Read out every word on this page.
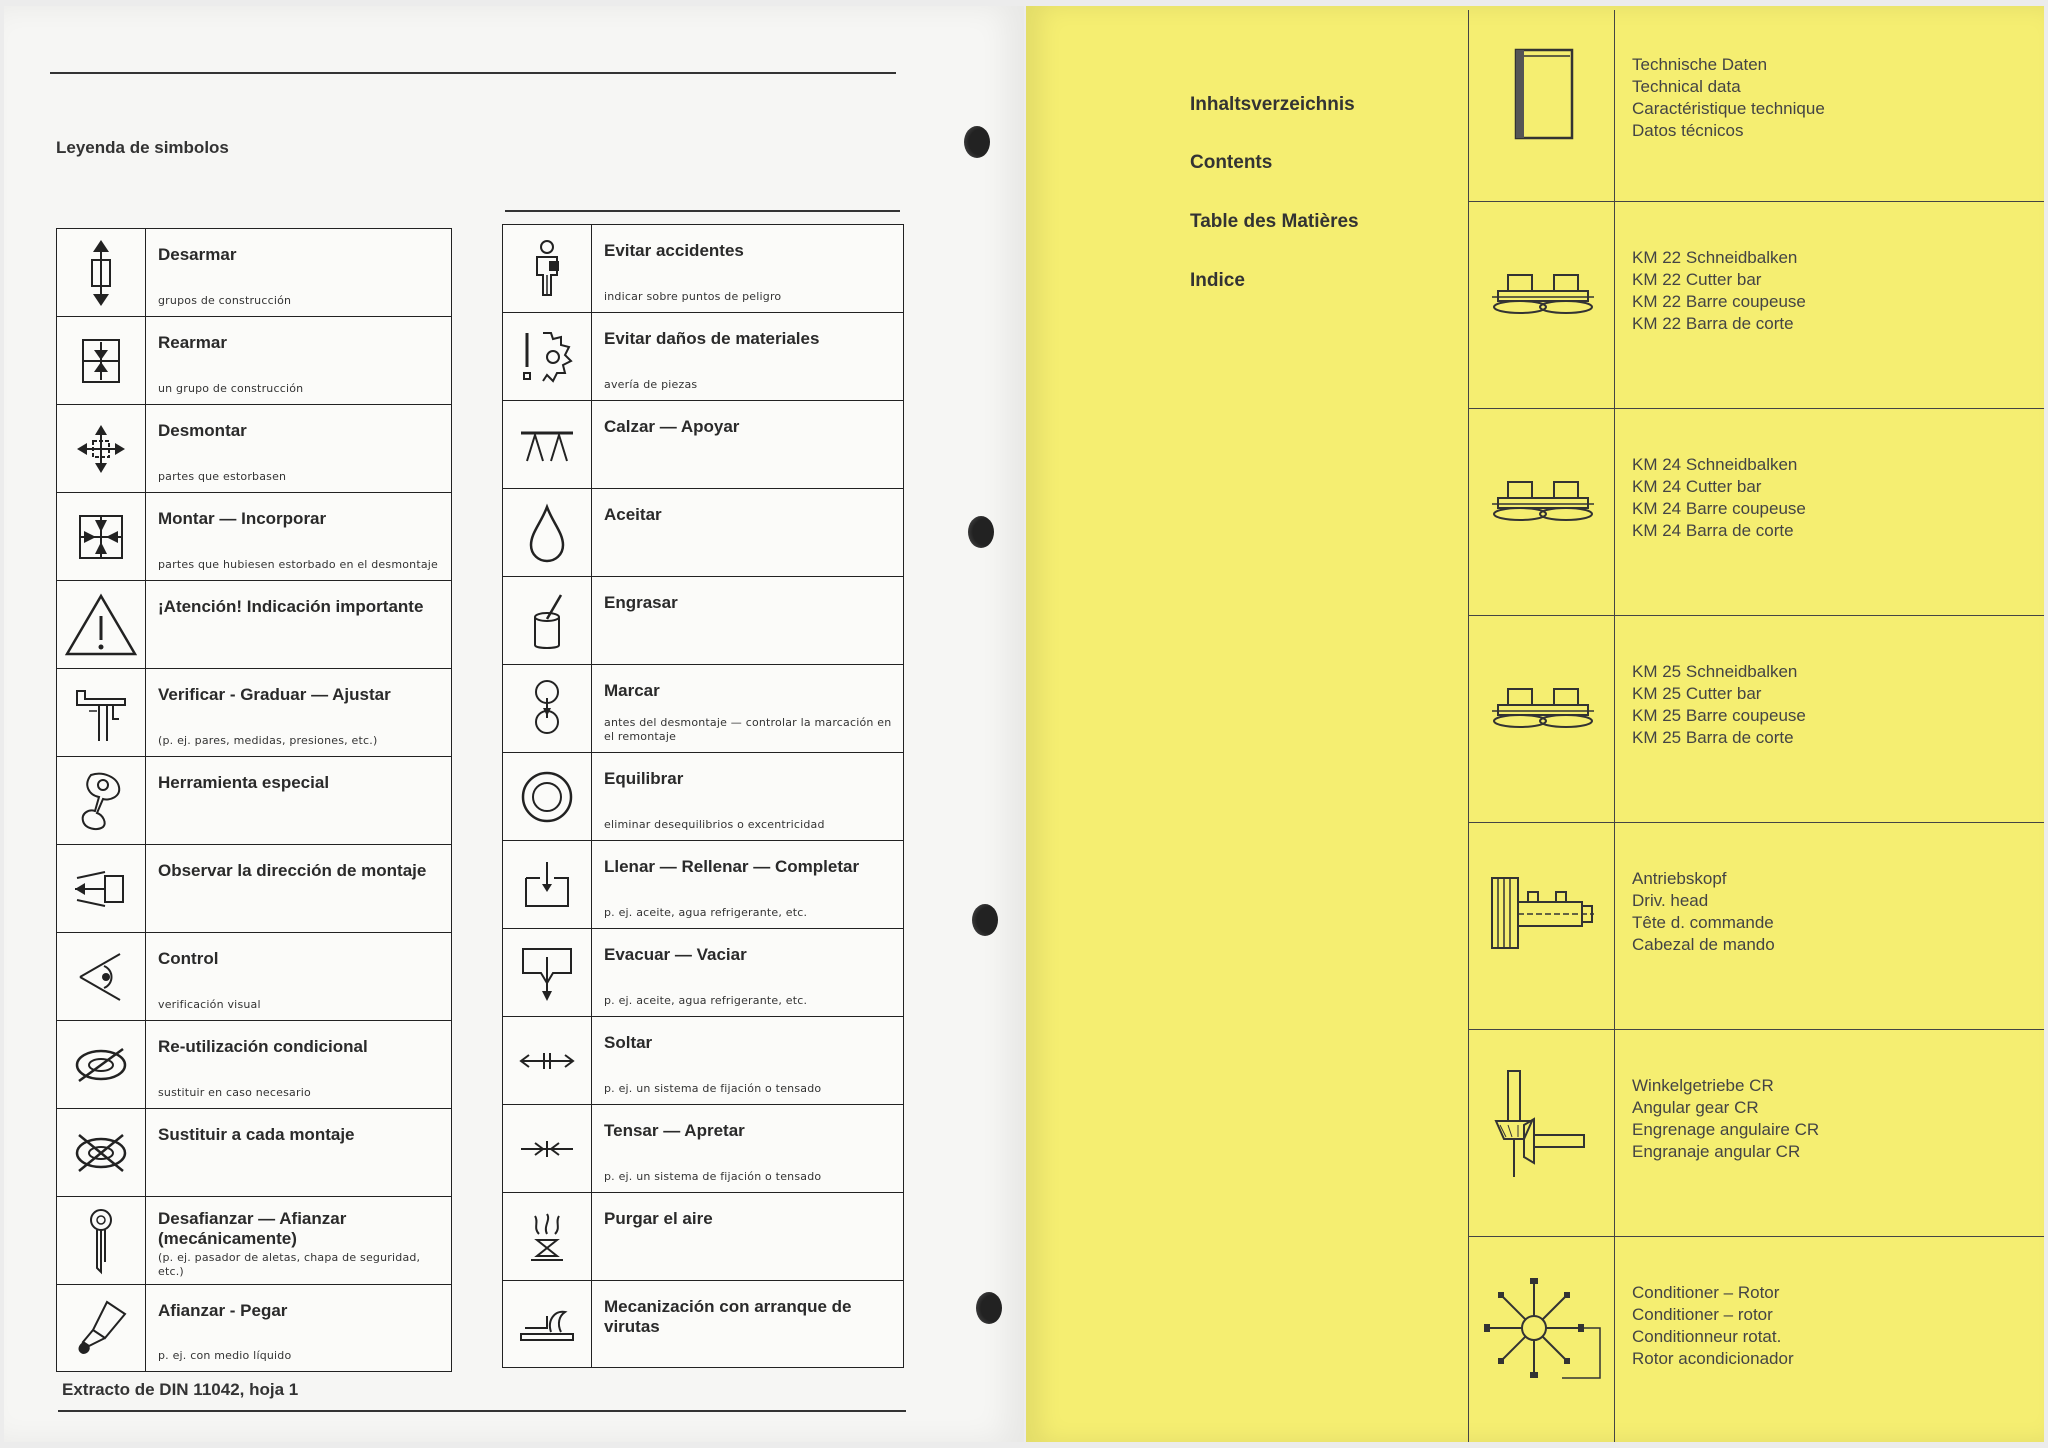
Leyenda de simbolos

Desarmar
grupos de construcción

Rearmar
un grupo de construcción

Desmontar
partes que estorbasen

Montar — Incorporar
partes que hubiesen estorbado en el desmontaje

¡Atención! Indicación importante

Verificar - Graduar — Ajustar
(p. ej. pares, medidas, presiones, etc.)

Herramienta especial

Observar la dirección de montaje

Control
verificación visual

Re-utilización condicional
sustituir en caso necesario

Sustituir a cada montaje

Desafianzar — Afianzar (mecánicamente)
(p. ej. pasador de aletas, chapa de seguridad, etc.)

Afianzar - Pegar
p. ej. con medio líquido

Evitar accidentes
indicar sobre puntos de peligro

Evitar daños de materiales
avería de piezas

Calzar — Apoyar

Aceitar

Engrasar

Marcar
antes del desmontaje — controlar la marcación en el remontaje

Equilibrar
eliminar desequilibrios o excentricidad

Llenar — Rellenar — Completar
p. ej. aceite, agua refrigerante, etc.

Evacuar — Vaciar
p. ej. aceite, agua refrigerante, etc.

Soltar
p. ej. un sistema de fijación o tensado

Tensar — Apretar
p. ej. un sistema de fijación o tensado

Purgar el aire

Mecanización con arranque de virutas
Extracto de DIN 11042, hoja 1
Inhaltsverzeichnis
Contents
Table des Matières
Indice
Technische Daten
Technical data
Caractéristique technique
Datos técnicos
KM 22 Schneidbalken
KM 22 Cutter bar
KM 22 Barre coupeuse
KM 22 Barra de corte
KM 24 Schneidbalken
KM 24 Cutter bar
KM 24 Barre coupeuse
KM 24 Barra de corte
KM 25 Schneidbalken
KM 25 Cutter bar
KM 25 Barre coupeuse
KM 25 Barra de corte
Antriebskopf
Driv. head
Tête d. commande
Cabezal de mando
Winkelgetriebe CR
Angular gear CR
Engrenage angulaire CR
Engranaje angular CR
Conditioner – Rotor
Conditioner – rotor
Conditionneur rotat.
Rotor acondicionador
